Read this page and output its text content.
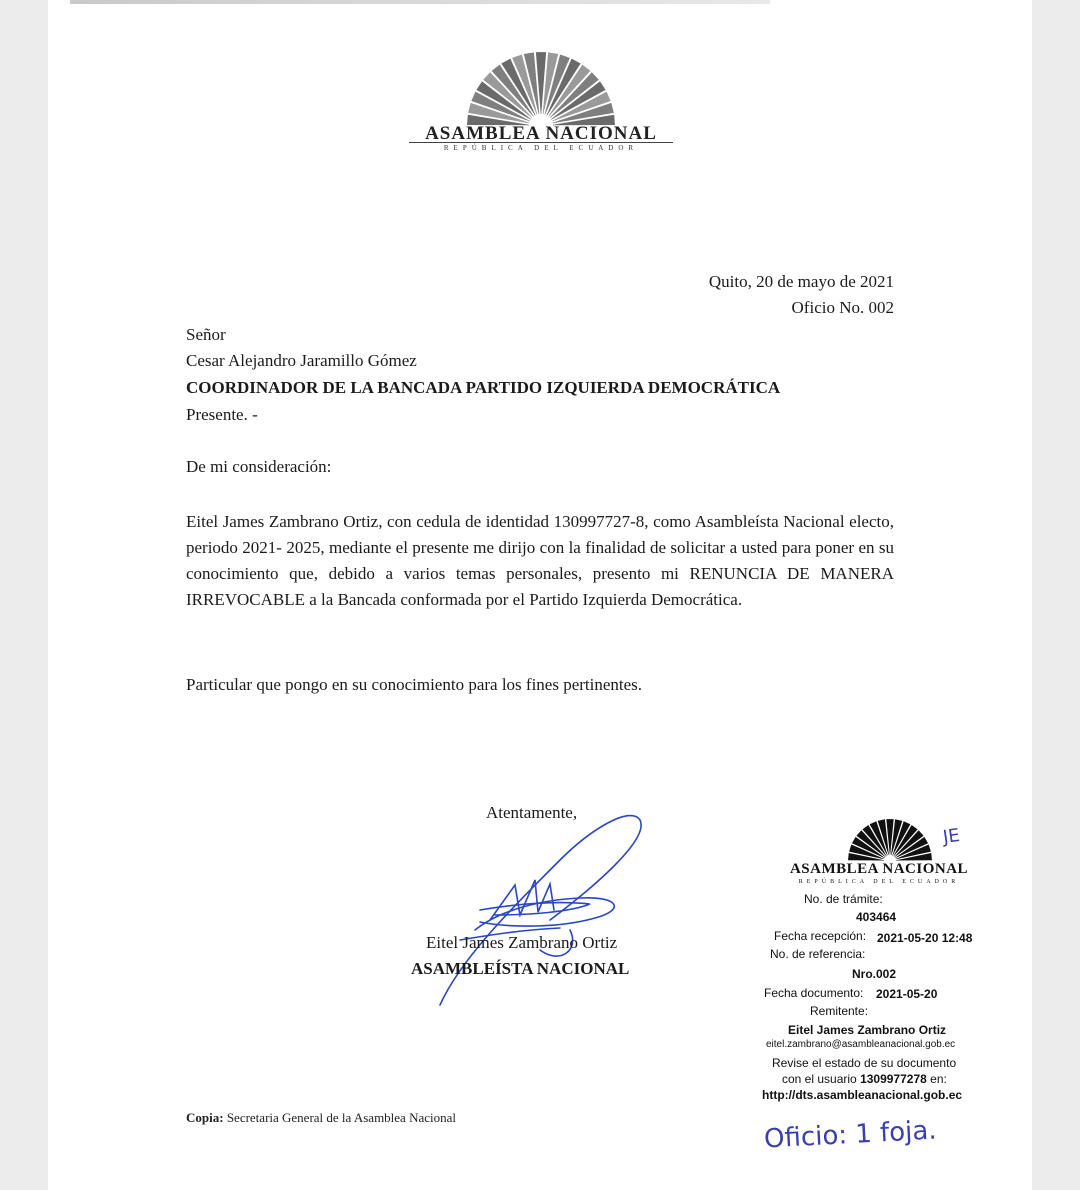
ASAMBLEA NACIONAL
REPÚBLICA DEL ECUADOR
Quito, 20 de mayo de 2021
Oficio No. 002
Señor
Cesar Alejandro Jaramillo Gómez
COORDINADOR DE LA BANCADA PARTIDO IZQUIERDA DEMOCRÁTICA
Presente. -
De mi consideración:
Eitel James Zambrano Ortiz, con cedula de identidad 130997727-8, como Asambleísta Nacional electo, periodo 2021- 2025, mediante el presente me dirijo con la finalidad de solicitar a usted para poner en su conocimiento que, debido a varios temas personales, presento mi RENUNCIA DE MANERA IRREVOCABLE a la Bancada conformada por el Partido Izquierda Democrática.
Particular que pongo en su conocimiento para los fines pertinentes.
Atentamente,
Eitel James Zambrano Ortiz
ASAMBLEÍSTA NACIONAL
ASAMBLEA NACIONAL
REPÚBLICA DEL ECUADOR
No. de trámite:
403464
Fecha recepción: 2021-05-20 12:48
No. de referencia:
Nro.002
Fecha documento: 2021-05-20
Remitente:
Eitel James Zambrano Ortiz
eitel.zambrano@asambleanacional.gob.ec
Revise el estado de su documento
con el usuario 1309977278 en:
http://dts.asambleanacional.gob.ec
JE
Oficio: 1 foja.
Copia: Secretaria General de la Asamblea Nacional
